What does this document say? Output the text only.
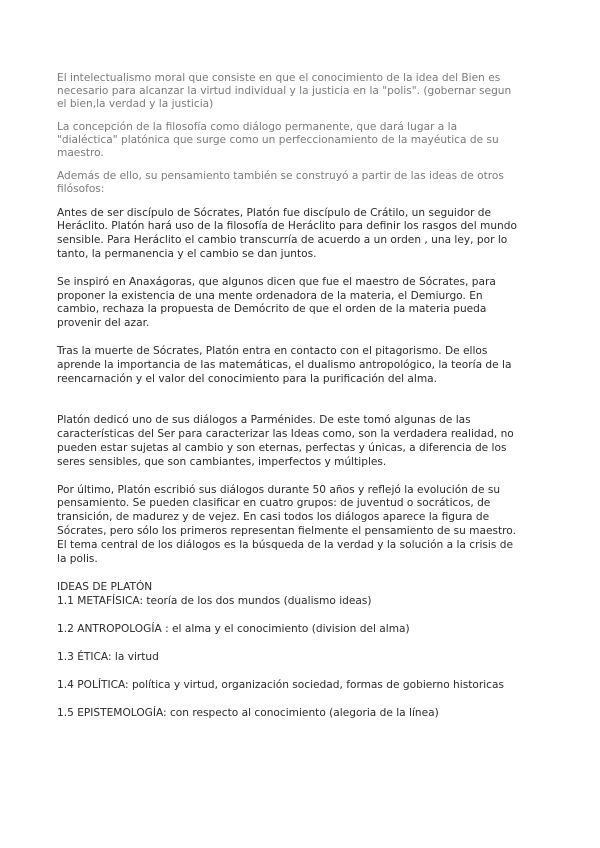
El intelectualismo moral que consiste en que el conocimiento de la idea del Bien es necesario para alcanzar la virtud individual y la justicia en la "polis". (gobernar segun el bien,la verdad y la justicia)

La concepción de la filosofía como diálogo permanente, que dará lugar a la "dialéctica" platónica que surge como un perfeccionamiento de la mayéutica de su maestro.

Además de ello, su pensamiento también se construyó a partir de las ideas de otros filósofos:

Antes de ser discípulo de Sócrates, Platón fue discípulo de Crátilo, un seguidor de Heráclito. Platón hará uso de la filosofía de Heráclito para definir los rasgos del mundo sensible. Para Heráclito el cambio transcurría de acuerdo a un orden , una ley, por lo tanto, la permanencia y el cambio se dan juntos.

Se inspiró en Anaxágoras, que algunos dicen que fue el maestro de Sócrates, para proponer la existencia de una mente ordenadora de la materia, el Demiurgo. En cambio, rechaza la propuesta de Demócrito de que el orden de la materia pueda provenir del azar.

Tras la muerte de Sócrates, Platón entra en contacto con el pitagorismo. De ellos aprende la importancia de las matemáticas, el dualismo antropológico, la teoría de la reencarnación y el valor del conocimiento para la purificación del alma.

Platón dedicó uno de sus diálogos a Parménides. De este tomó algunas de las características del Ser para caracterizar las Ideas como, son la verdadera realidad, no pueden estar sujetas al cambio y son eternas, perfectas y únicas, a diferencia de los seres sensibles, que son cambiantes, imperfectos y múltiples.

Por último, Platón escribió sus diálogos durante 50 años y reflejó la evolución de su pensamiento. Se pueden clasificar en cuatro grupos: de juventud o socráticos, de transición, de madurez y de vejez. En casi todos los diálogos aparece la figura de Sócrates, pero sólo los primeros representan fielmente el pensamiento de su maestro. El tema central de los diálogos es la búsqueda de la verdad y la solución a la crisis de la polis.

IDEAS DE PLATÓN

1.1 METAFÍSICA: teoría de los dos mundos (dualismo ideas)

1.2 ANTROPOLOGÍA : el alma y el conocimiento (division del alma)

1.3 ÉTICA: la virtud

1.4 POLÍTICA: política y virtud, organización sociedad, formas de gobierno historicas

1.5 EPISTEMOLOGÍA: con respecto al conocimiento (alegoria de la línea)
